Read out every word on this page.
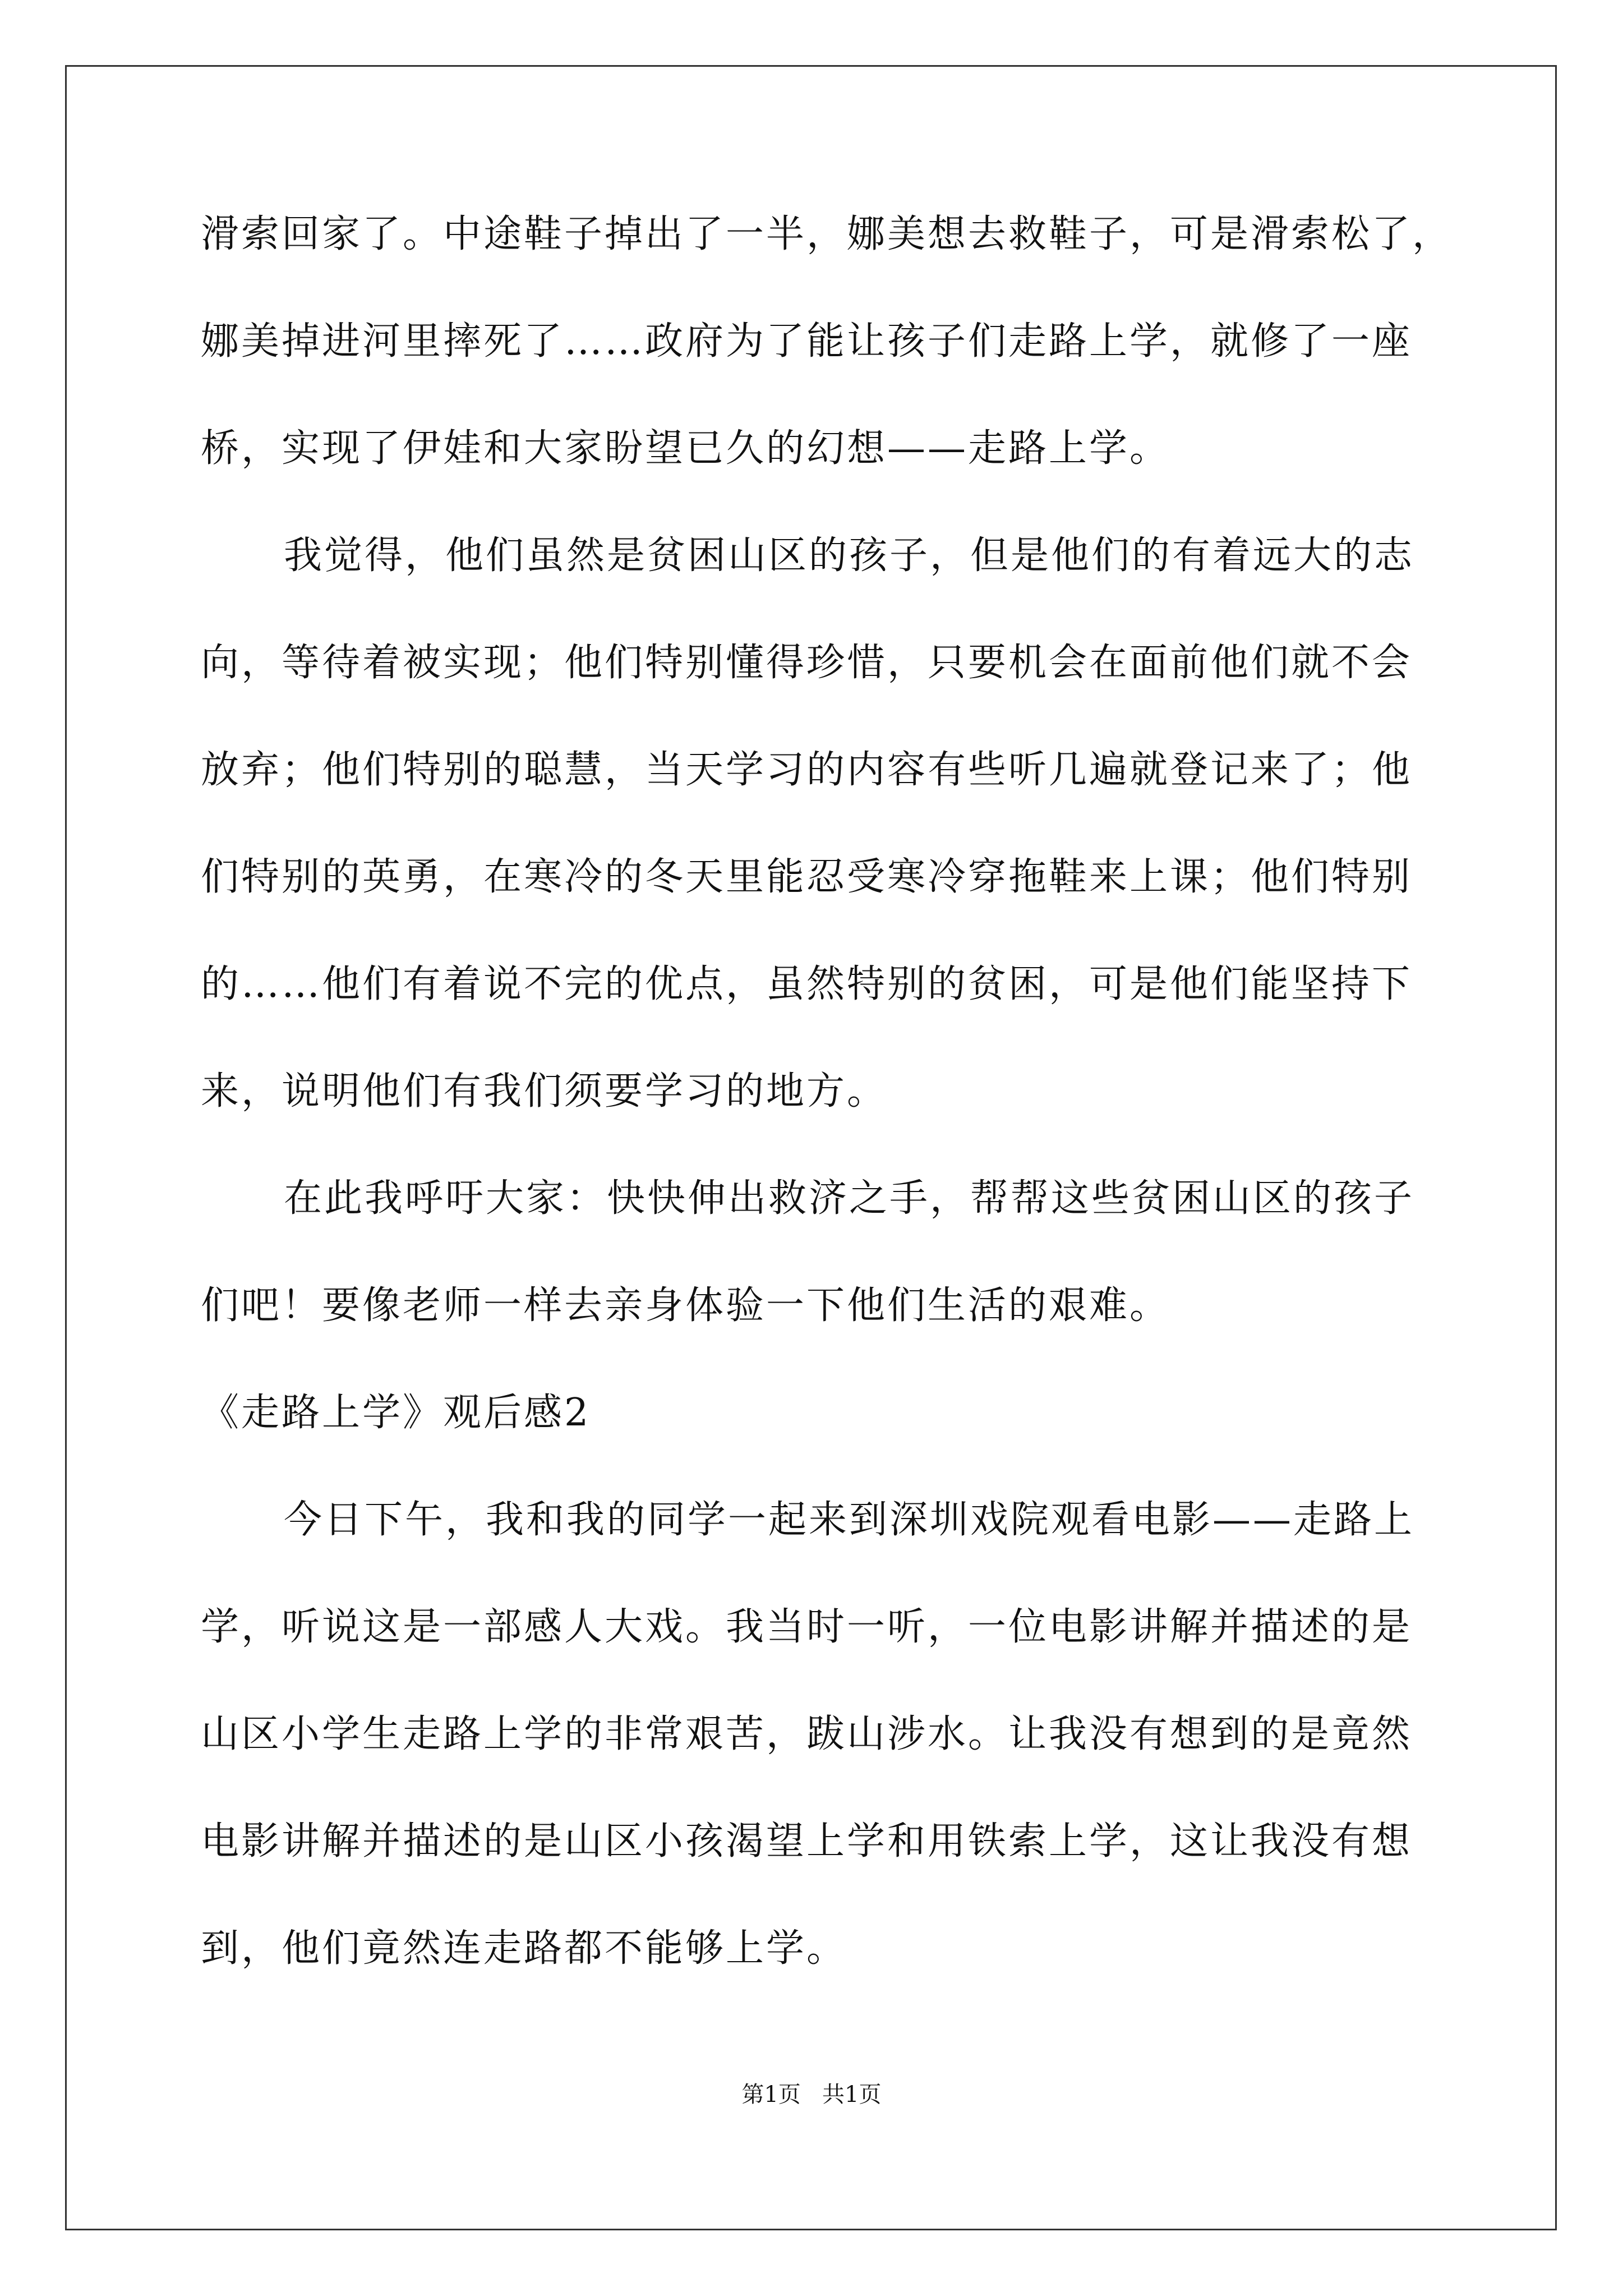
滑索回家了。中途鞋子掉出了一半，娜美想去救鞋子，可是滑索松了，
娜美掉进河里摔死了……政府为了能让孩子们走路上学，就修了一座
桥，实现了伊娃和大家盼望已久的幻想——走路上学。
我觉得，他们虽然是贫困山区的孩子，但是他们的有着远大的志
向，等待着被实现；他们特别懂得珍惜，只要机会在面前他们就不会
放弃；他们特别的聪慧，当天学习的内容有些听几遍就登记来了；他
们特别的英勇，在寒冷的冬天里能忍受寒冷穿拖鞋来上课；他们特别
的……他们有着说不完的优点，虽然特别的贫困，可是他们能坚持下
来，说明他们有我们须要学习的地方。
在此我呼吁大家：快快伸出救济之手，帮帮这些贫困山区的孩子
们吧！要像老师一样去亲身体验一下他们生活的艰难。
《走路上学》观后感2
今日下午，我和我的同学一起来到深圳戏院观看电影——走路上
学，听说这是一部感人大戏。我当时一听，一位电影讲解并描述的是
山区小学生走路上学的非常艰苦，跋山涉水。让我没有想到的是竟然
电影讲解并描述的是山区小孩渴望上学和用铁索上学，这让我没有想
到，他们竟然连走路都不能够上学。
第1页   共1页
